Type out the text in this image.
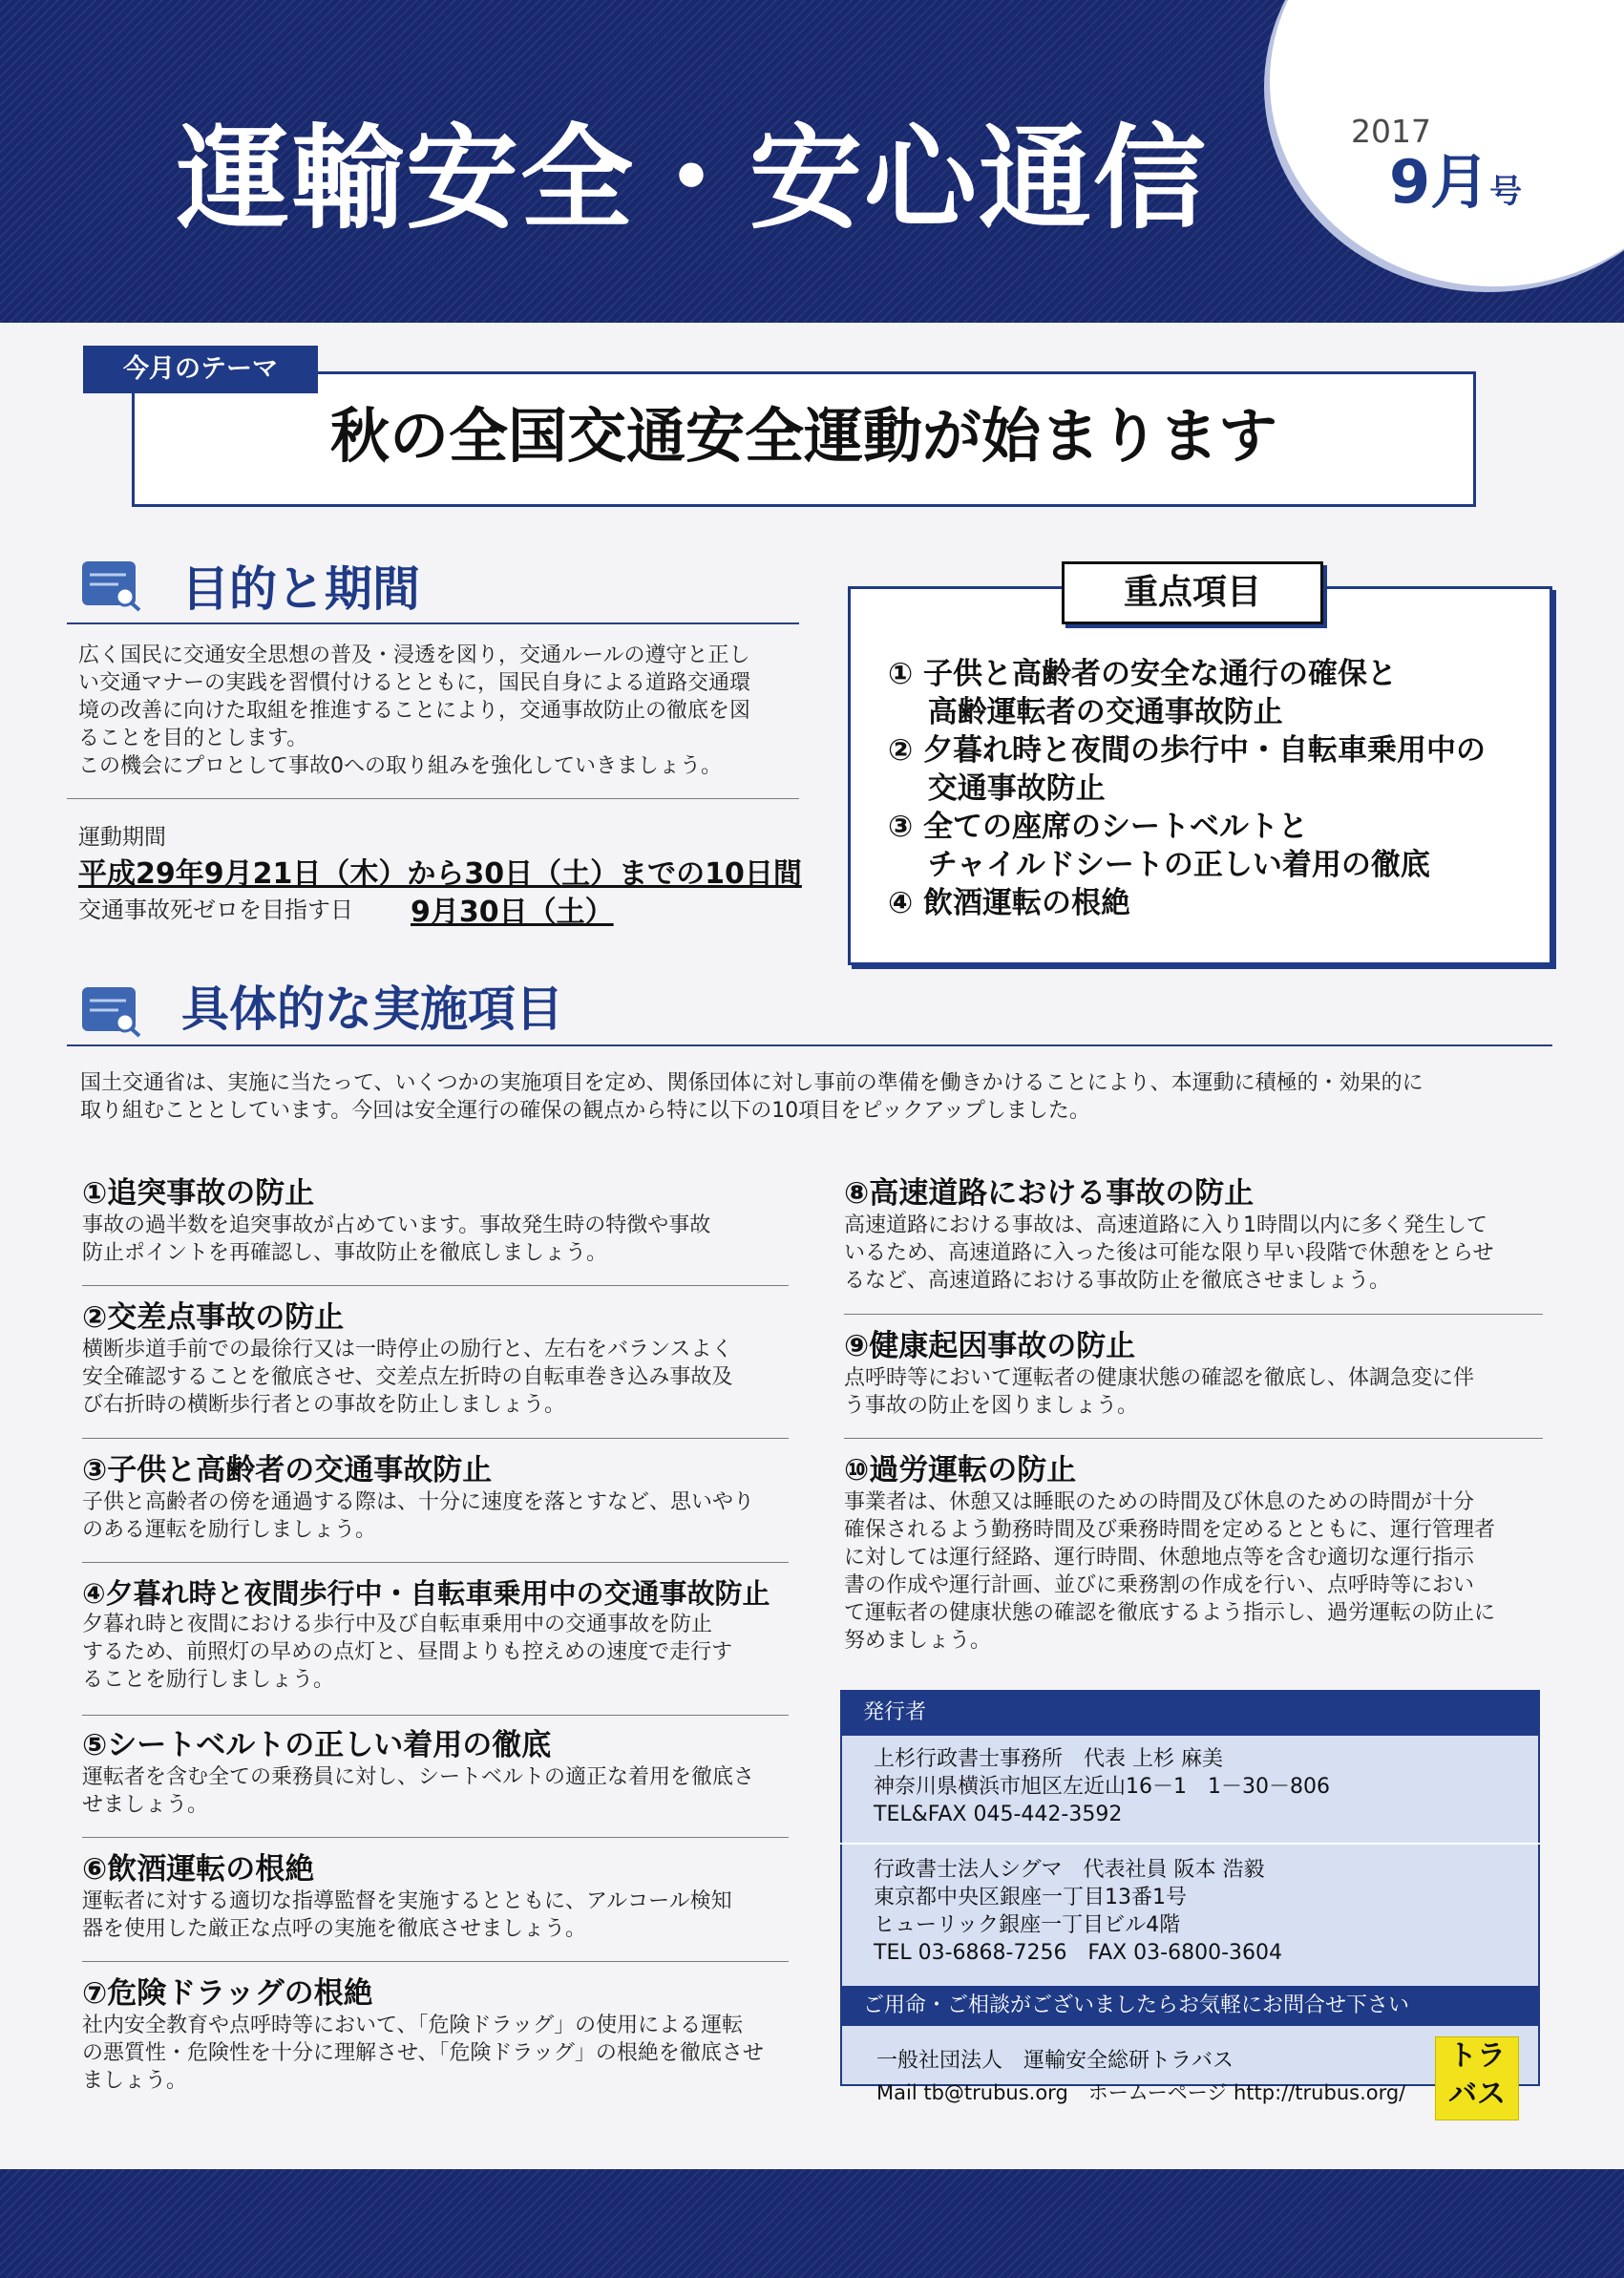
運輸安全・安心通信	2017
9月号
今月のテーマ
秋の全国交通安全運動が始まります
目的と期間
広く国民に交通安全思想の普及・浸透を図り，交通ルールの遵守と正し
い交通マナーの実践を習慣付けるとともに，国民自身による道路交通環
境の改善に向けた取組を推進することにより，交通事故防止の徹底を図
ることを目的とします。
この機会にプロとして事故0への取り組みを強化していきましょう。
運動期間
平成29年9月21日（木）から30日（土）までの10日間
交通事故死ゼロを目指す日 9月30日（土）
重点項目
① 子供と高齢者の安全な通行の確保と
　 高齢運転者の交通事故防止
② 夕暮れ時と夜間の歩行中・自転車乗用中の
　 交通事故防止
③ 全ての座席のシートベルトと
　 チャイルドシートの正しい着用の徹底
④ 飲酒運転の根絶
具体的な実施項目
国土交通省は、実施に当たって、いくつかの実施項目を定め、関係団体に対し事前の準備を働きかけることにより、本運動に積極的・効果的に
取り組むこととしています。今回は安全運行の確保の観点から特に以下の10項目をピックアップしました。
①追突事故の防止
事故の過半数を追突事故が占めています。事故発生時の特徴や事故
防止ポイントを再確認し、事故防止を徹底しましょう。
②交差点事故の防止
横断歩道手前での最徐行又は一時停止の励行と、左右をバランスよく
安全確認することを徹底させ、交差点左折時の自転車巻き込み事故及
び右折時の横断歩行者との事故を防止しましょう。
③子供と高齢者の交通事故防止
子供と高齢者の傍を通過する際は、十分に速度を落とすなど、思いやり
のある運転を励行しましょう。
④夕暮れ時と夜間歩行中・自転車乗用中の交通事故防止
夕暮れ時と夜間における歩行中及び自転車乗用中の交通事故を防止
するため、前照灯の早めの点灯と、昼間よりも控えめの速度で走行す
ることを励行しましょう。
⑤シートベルトの正しい着用の徹底
運転者を含む全ての乗務員に対し、シートベルトの適正な着用を徹底さ
せましょう。
⑥飲酒運転の根絶
運転者に対する適切な指導監督を実施するとともに、アルコール検知
器を使用した厳正な点呼の実施を徹底させましょう。
⑦危険ドラッグの根絶
社内安全教育や点呼時等において、「危険ドラッグ」の使用による運転
の悪質性・危険性を十分に理解させ、「危険ドラッグ」の根絶を徹底させ
ましょう。
⑧高速道路における事故の防止
高速道路における事故は、高速道路に入り1時間以内に多く発生して
いるため、高速道路に入った後は可能な限り早い段階で休憩をとらせ
るなど、高速道路における事故防止を徹底させましょう。
⑨健康起因事故の防止
点呼時等において運転者の健康状態の確認を徹底し、体調急変に伴
う事故の防止を図りましょう。
⑩過労運転の防止
事業者は、休憩又は睡眠のための時間及び休息のための時間が十分
確保されるよう勤務時間及び乗務時間を定めるとともに、運行管理者
に対しては運行経路、運行時間、休憩地点等を含む適切な運行指示
書の作成や運行計画、並びに乗務割の作成を行い、点呼時等におい
て運転者の健康状態の確認を徹底するよう指示し、過労運転の防止に
努めましょう。
発行者
上杉行政書士事務所　代表 上杉 麻美
神奈川県横浜市旭区左近山16－1　1－30－806
TEL&FAX 045-442-3592
行政書士法人シグマ　代表社員 阪本 浩毅
東京都中央区銀座一丁目13番1号
ヒューリック銀座一丁目ビル4階
TEL 03-6868-7256　FAX 03-6800-3604
ご用命・ご相談がございましたらお気軽にお問合せ下さい
一般社団法人　運輸安全総研トラバス
Mail tb@trubus.org　ホームーページ http://trubus.org/
トラ
バス
